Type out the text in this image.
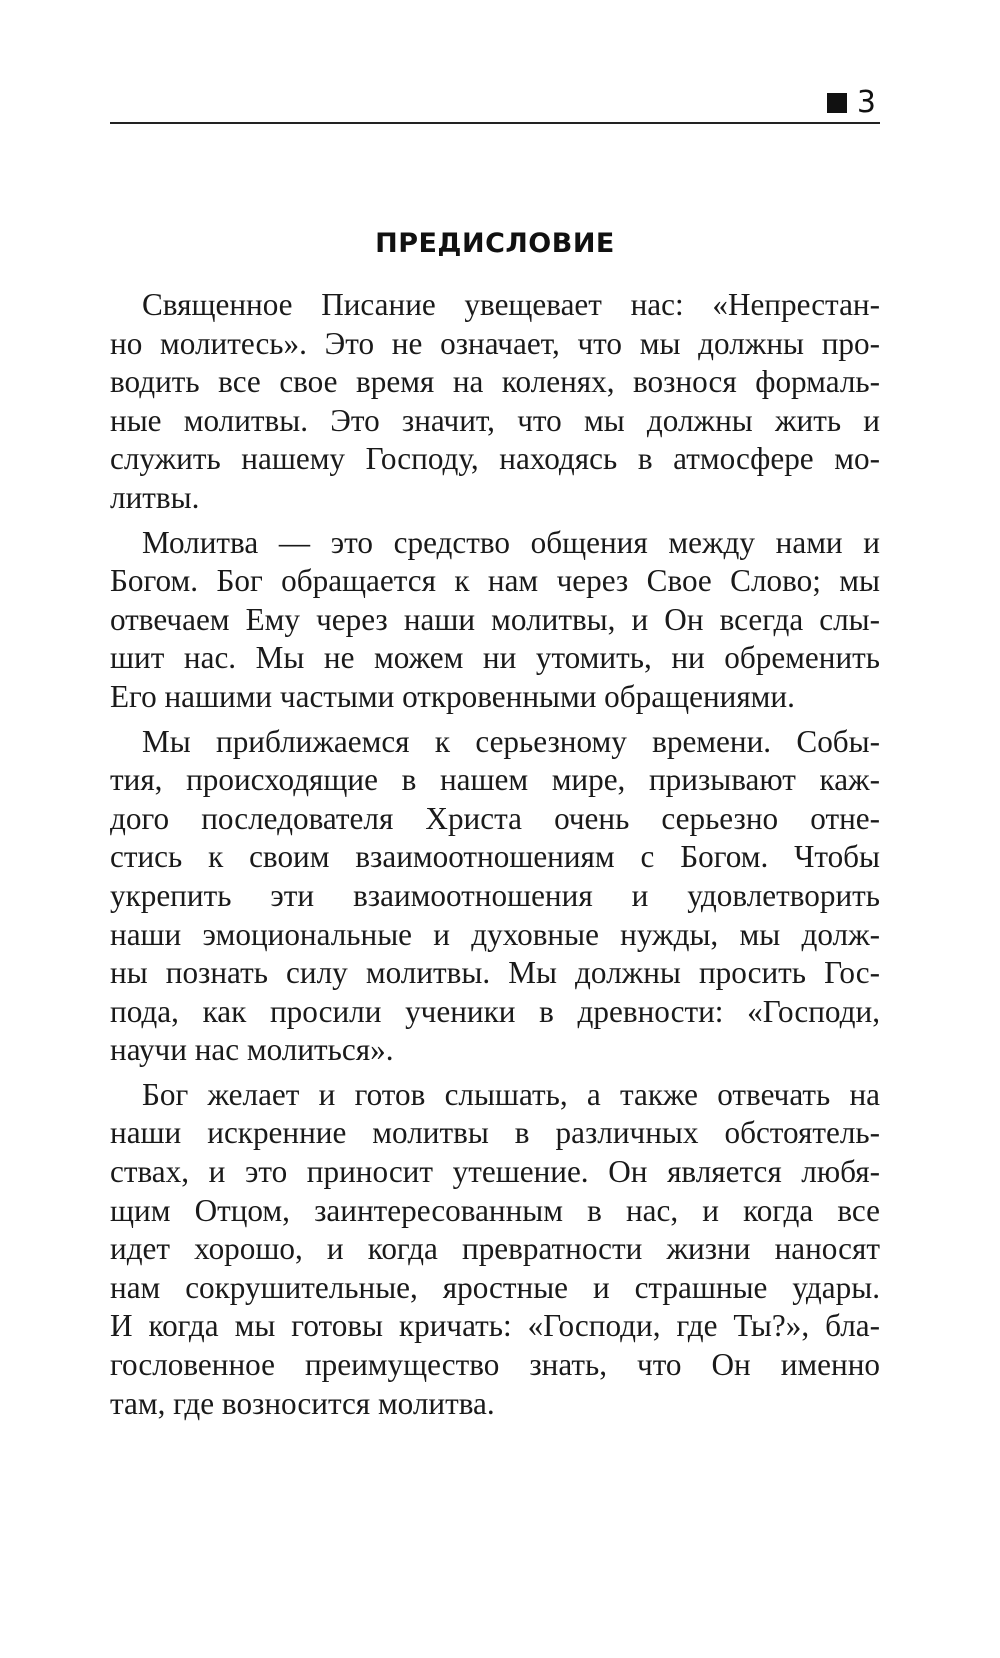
3
ПРЕДИСЛОВИЕ
Священное Писание увещевает нас: «Непрестан-
но молитесь». Это не означает, что мы должны про-
водить все свое время на коленях, вознося формаль-
ные молитвы. Это значит, что мы должны жить и
служить нашему Господу, находясь в атмосфере мо-
литвы.
Молитва — это средство общения между нами и
Богом. Бог обращается к нам через Свое Слово; мы
отвечаем Ему через наши молитвы, и Он всегда слы-
шит нас. Мы не можем ни утомить, ни обременить
Его нашими частыми откровенными обращениями.
Мы приближаемся к серьезному времени. Собы-
тия, происходящие в нашем мире, призывают каж-
дого последователя Христа очень серьезно отне-
стись к своим взаимоотношениям с Богом. Чтобы
укрепить эти взаимоотношения и удовлетворить
наши эмоциональные и духовные нужды, мы долж-
ны познать силу молитвы. Мы должны просить Гос-
пода, как просили ученики в древности: «Господи,
научи нас молиться».
Бог желает и готов слышать, а также отвечать на
наши искренние молитвы в различных обстоятель-
ствах, и это приносит утешение. Он является любя-
щим Отцом, заинтересованным в нас, и когда все
идет хорошо, и когда превратности жизни наносят
нам сокрушительные, яростные и страшные удары.
И когда мы готовы кричать: «Господи, где Ты?», бла-
гословенное преимущество знать, что Он именно
там, где возносится молитва.
